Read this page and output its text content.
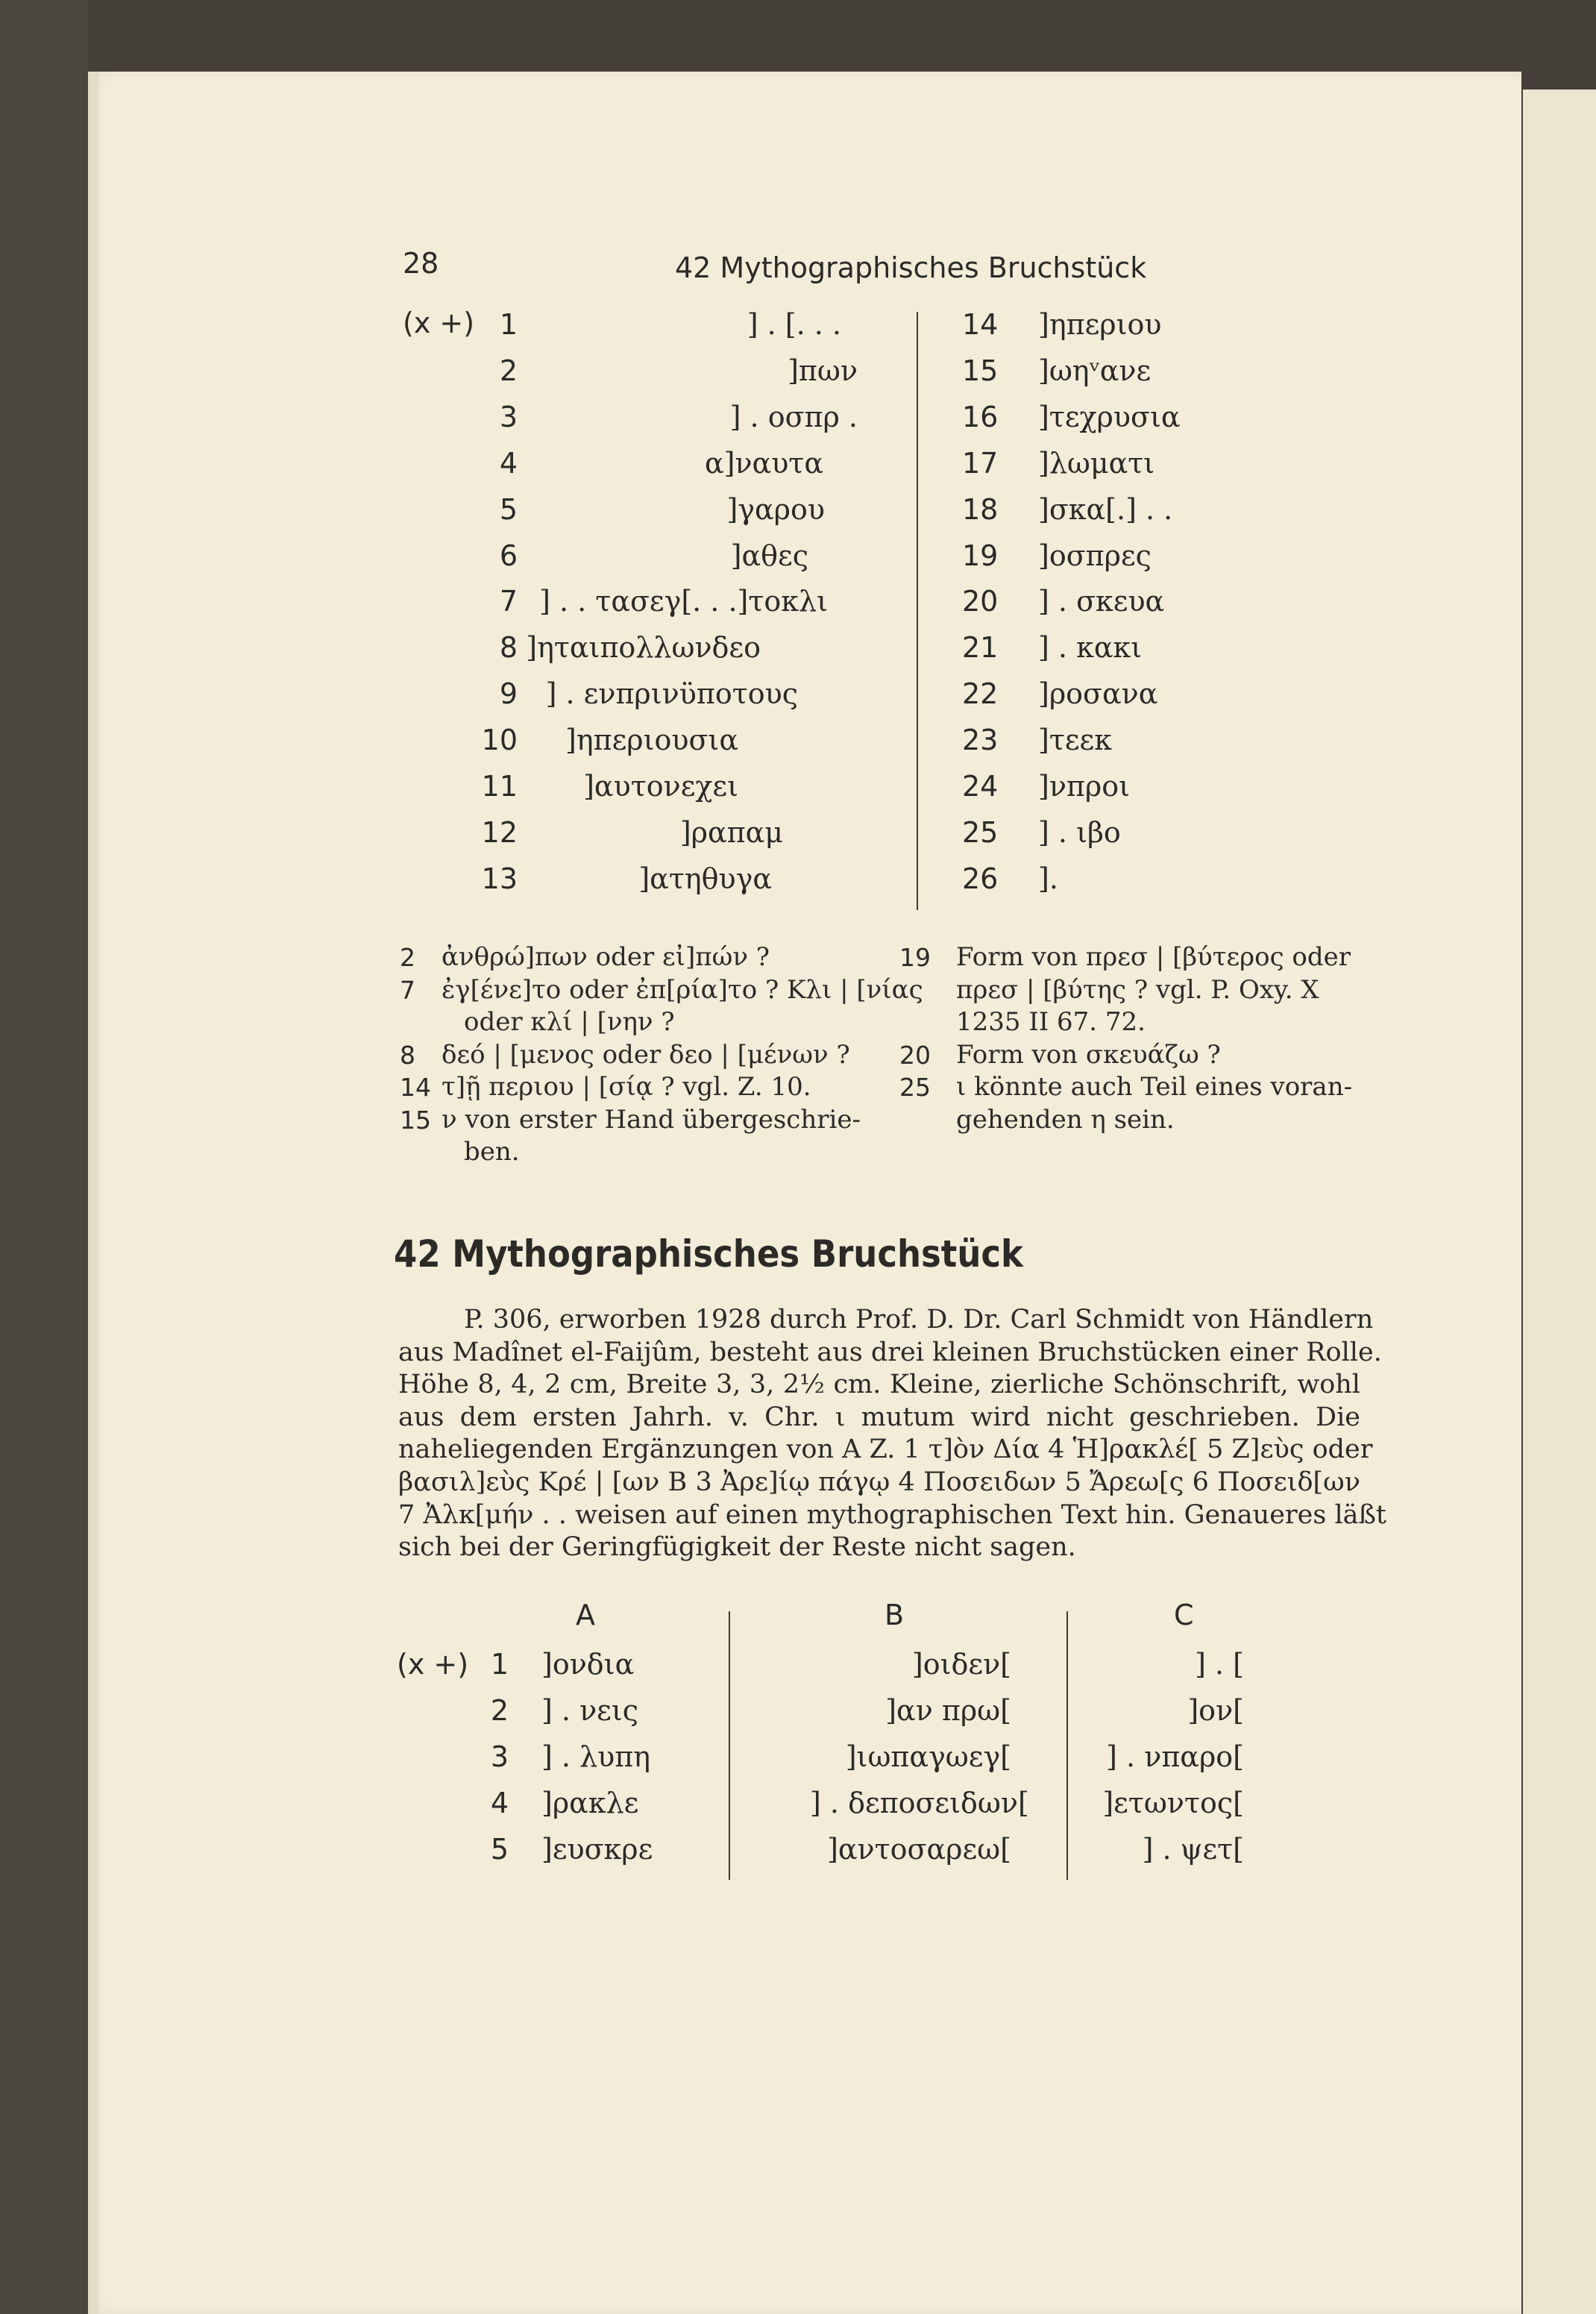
28	42 Mythographisches Bruchstück
(x +) 1	] . [. . .
2	]πων
3	] . οσπρ .
4	α]ναυτα
5	]γαρου
6	]αθες
7 ] . . τασεγ[. . .]τοκλι
8 ]ηταιπολλωνδεο
9 ] . ενπρινϋποτους
10	]ηπεριουσια
11	]αυτονεχει
12	]ραπαμ
13	]ατηθυγα
14 ]ηπεριου
15 ]ωηᵛανε
16 ]τεχρυσια
17 ]λωματι
18 ]σκα[.] . .
19 ]οσπρες
20 ] . σκευα
21 ] . κακι
22 ]ροσανα
23 ]τεεκ
24 ]νπροι
25 ] . ιβο
26 ].
2 ἀνθρώ]πων oder εἰ]πών ?
7 ἐγ[ένε]το oder ἐπ[ρία]το ? Κλι | [νίας
oder κλί | [νην ?
8 δεό | [μενος oder δεο | [μένων ?
14 τ]ῇ περιου | [σίᾳ ? vgl. Z. 10.
15 ν von erster Hand übergeschrie-
ben.
19 Form von πρεσ | [βύτερος oder
πρεσ | [βύτης ? vgl. P. Oxy. X
1235 II 67. 72.
20 Form von σκευάζω ?
25 ι könnte auch Teil eines voran-
gehenden η sein.
42 Mythographisches Bruchstück
P. 306, erworben 1928 durch Prof. D. Dr. Carl Schmidt von Händlern
aus Madînet el-Faijûm, besteht aus drei kleinen Bruchstücken einer Rolle.
Höhe 8, 4, 2 cm, Breite 3, 3, 2½ cm. Kleine, zierliche Schönschrift, wohl
aus dem ersten Jahrh. v. Chr. ι mutum wird nicht geschrieben. Die
naheliegenden Ergänzungen von A Z. 1 τ]ὸν Δία 4 Ἡ]ρακλέ[ 5 Ζ]εὺς oder
βασιλ]εὺς Κρέ | [ων B 3 Ἀρε]ίῳ πάγῳ 4 Ποσειδων 5 Ἄρεω[ς 6 Ποσειδ[ων
7 Ἀλκ[μήν . . weisen auf einen mythographischen Text hin. Genaueres läßt
sich bei der Geringfügigkeit der Reste nicht sagen.
A	B	C
(x +) 1 ]ονδια	]οιδεν[	] . [
2 ] . νεις	]αν πρω[	]ον[
3 ] . λυπη	]ιωπαγωεγ[	] . νπαρο[
4 ]ρακλε	] . δεποσειδων[	]ετωντος[
5 ]ευσκρε	]αντοσαρεω[	] . ψετ[
